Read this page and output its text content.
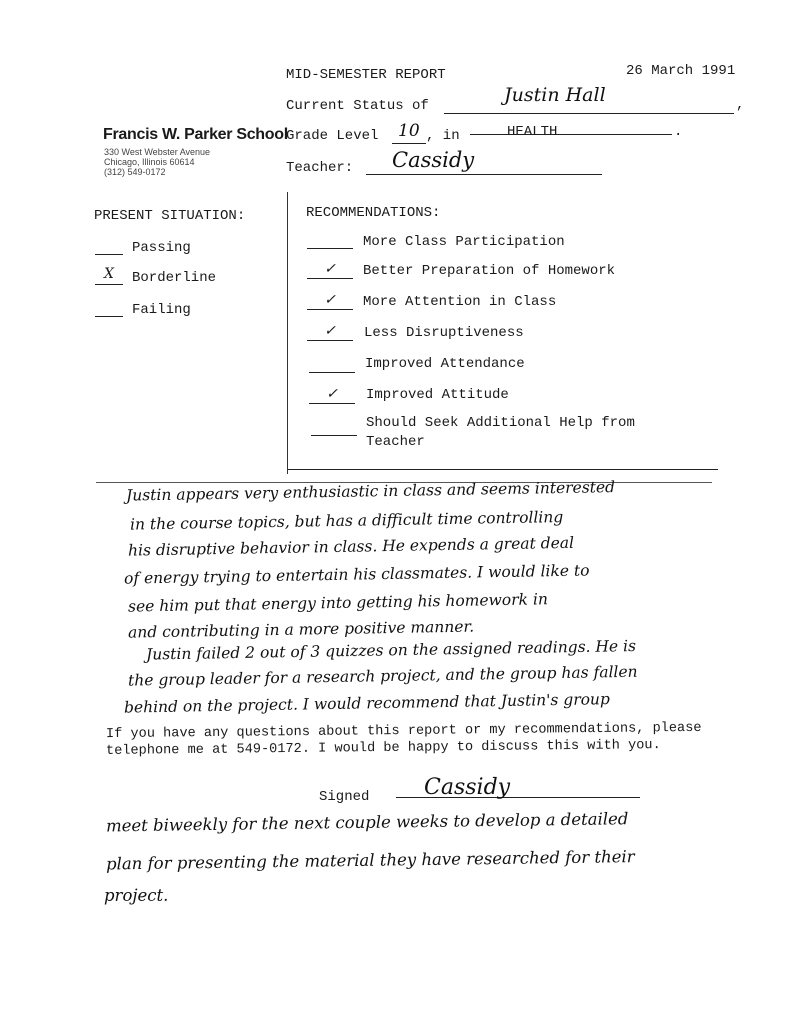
MID-SEMESTER REPORT	26 March 1991
Current Status of	,
Justin Hall
Francis W. Parker School
330 West Webster Avenue
Chicago, Illinois 60614
(312) 549-0172
Grade Level 10 , in	HEALTH	.
Teacher: Cassidy
PRESENT SITUATION:
Passing
X	Borderline
Failing
RECOMMENDATIONS:
More Class Participation
✓	Better Preparation of Homework
✓	More Attention in Class
✓	Less Disruptiveness
Improved Attendance
✓	Improved Attitude
Should Seek Additional Help from
Teacher
Justin appears very enthusiastic in class and seems interested
in the course topics, but has a difficult time controlling
his disruptive behavior in class. He expends a great deal
of energy trying to entertain his classmates. I would like to
see him put that energy into getting his homework in
and contributing in a more positive manner.
Justin failed 2 out of 3 quizzes on the assigned readings. He is
the group leader for a research project, and the group has fallen
behind on the project. I would recommend that Justin's group
If you have any questions about this report or my recommendations, please
telephone me at 549-0172. I would be happy to discuss this with you.
Signed Cassidy
meet biweekly for the next couple weeks to develop a detailed
plan for presenting the material they have researched for their
project.
